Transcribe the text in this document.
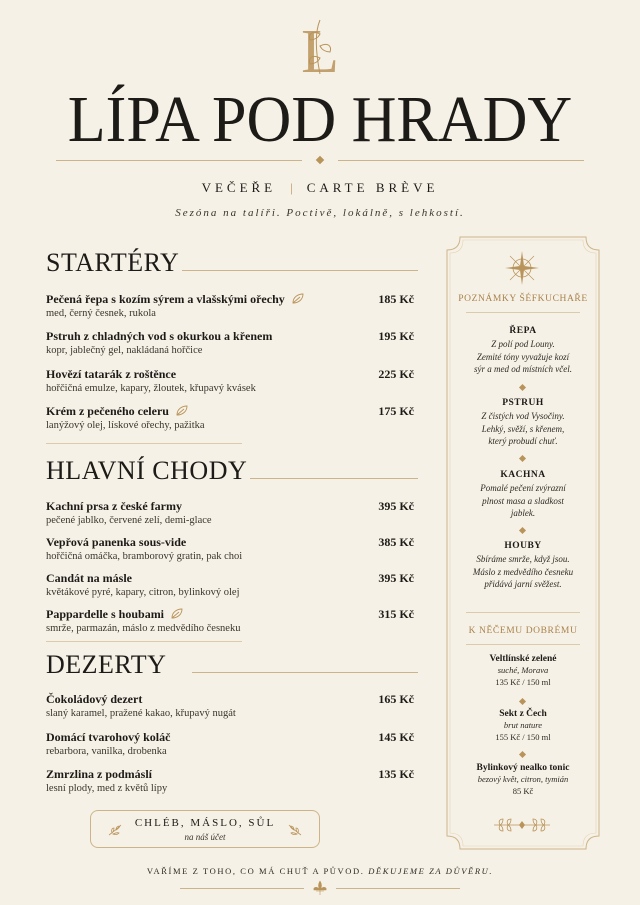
L
LÍPA POD HRADY
VEČEŘE | CARTE BRÈVE
Sezóna na talíři. Poctivě, lokálně, s lehkostí.
STARTÉRY
Pečená řepa s kozím sýrem a vlašskými ořechy
med, černý česnek, rukola
185 Kč
Pstruh z chladných vod s okurkou a křenem
kopr, jablečný gel, nakládaná hořčice
195 Kč
Hovězí tatarák z roštěnce
hořčičná emulze, kapary, žloutek, křupavý kvásek
225 Kč
Krém z pečeného celeru
lanýžový olej, lískové ořechy, pažitka
175 Kč
HLAVNÍ CHODY
Kachní prsa z české farmy
pečené jablko, červené zelí, demi-glace
395 Kč
Vepřová panenka sous-vide
hořčičná omáčka, bramborový gratin, pak choi
385 Kč
Candát na másle
květákové pyré, kapary, citron, bylinkový olej
395 Kč
Pappardelle s houbami
smrže, parmazán, máslo z medvědího česneku
315 Kč
DEZERTY
Čokoládový dezert
slaný karamel, pražené kakao, křupavý nugát
165 Kč
Domácí tvarohový koláč
rebarbora, vanilka, drobenka
145 Kč
Zmrzlina z podmáslí
lesní plody, med z květů lípy
135 Kč
CHLÉB, MÁSLO, SŮL
na náš účet
POZNÁMKY ŠÉFKUCHAŘE
ŘEPA
Z polí pod Louny.
Zemité tóny vyvažuje kozí
sýr a med od místních včel.
PSTRUH
Z čistých vod Vysočiny.
Lehký, svěží, s křenem,
který probudí chuť.
KACHNA
Pomalé pečení zvýrazní
plnost masa a sladkost
jablek.
HOUBY
Sbíráme smrže, když jsou.
Máslo z medvědího česneku
přidává jarní svěžest.
K NĚČEMU DOBRÉMU
Veltlínské zelené
suché, Morava
135 Kč / 150 ml
Sekt z Čech
brut nature
155 Kč / 150 ml
Bylinkový nealko tonic
bezový květ, citron, tymián
85 Kč
VAŘÍME Z TOHO, CO MÁ CHUŤ A PŮVOD. DĚKUJEME ZA DŮVĚRU.
